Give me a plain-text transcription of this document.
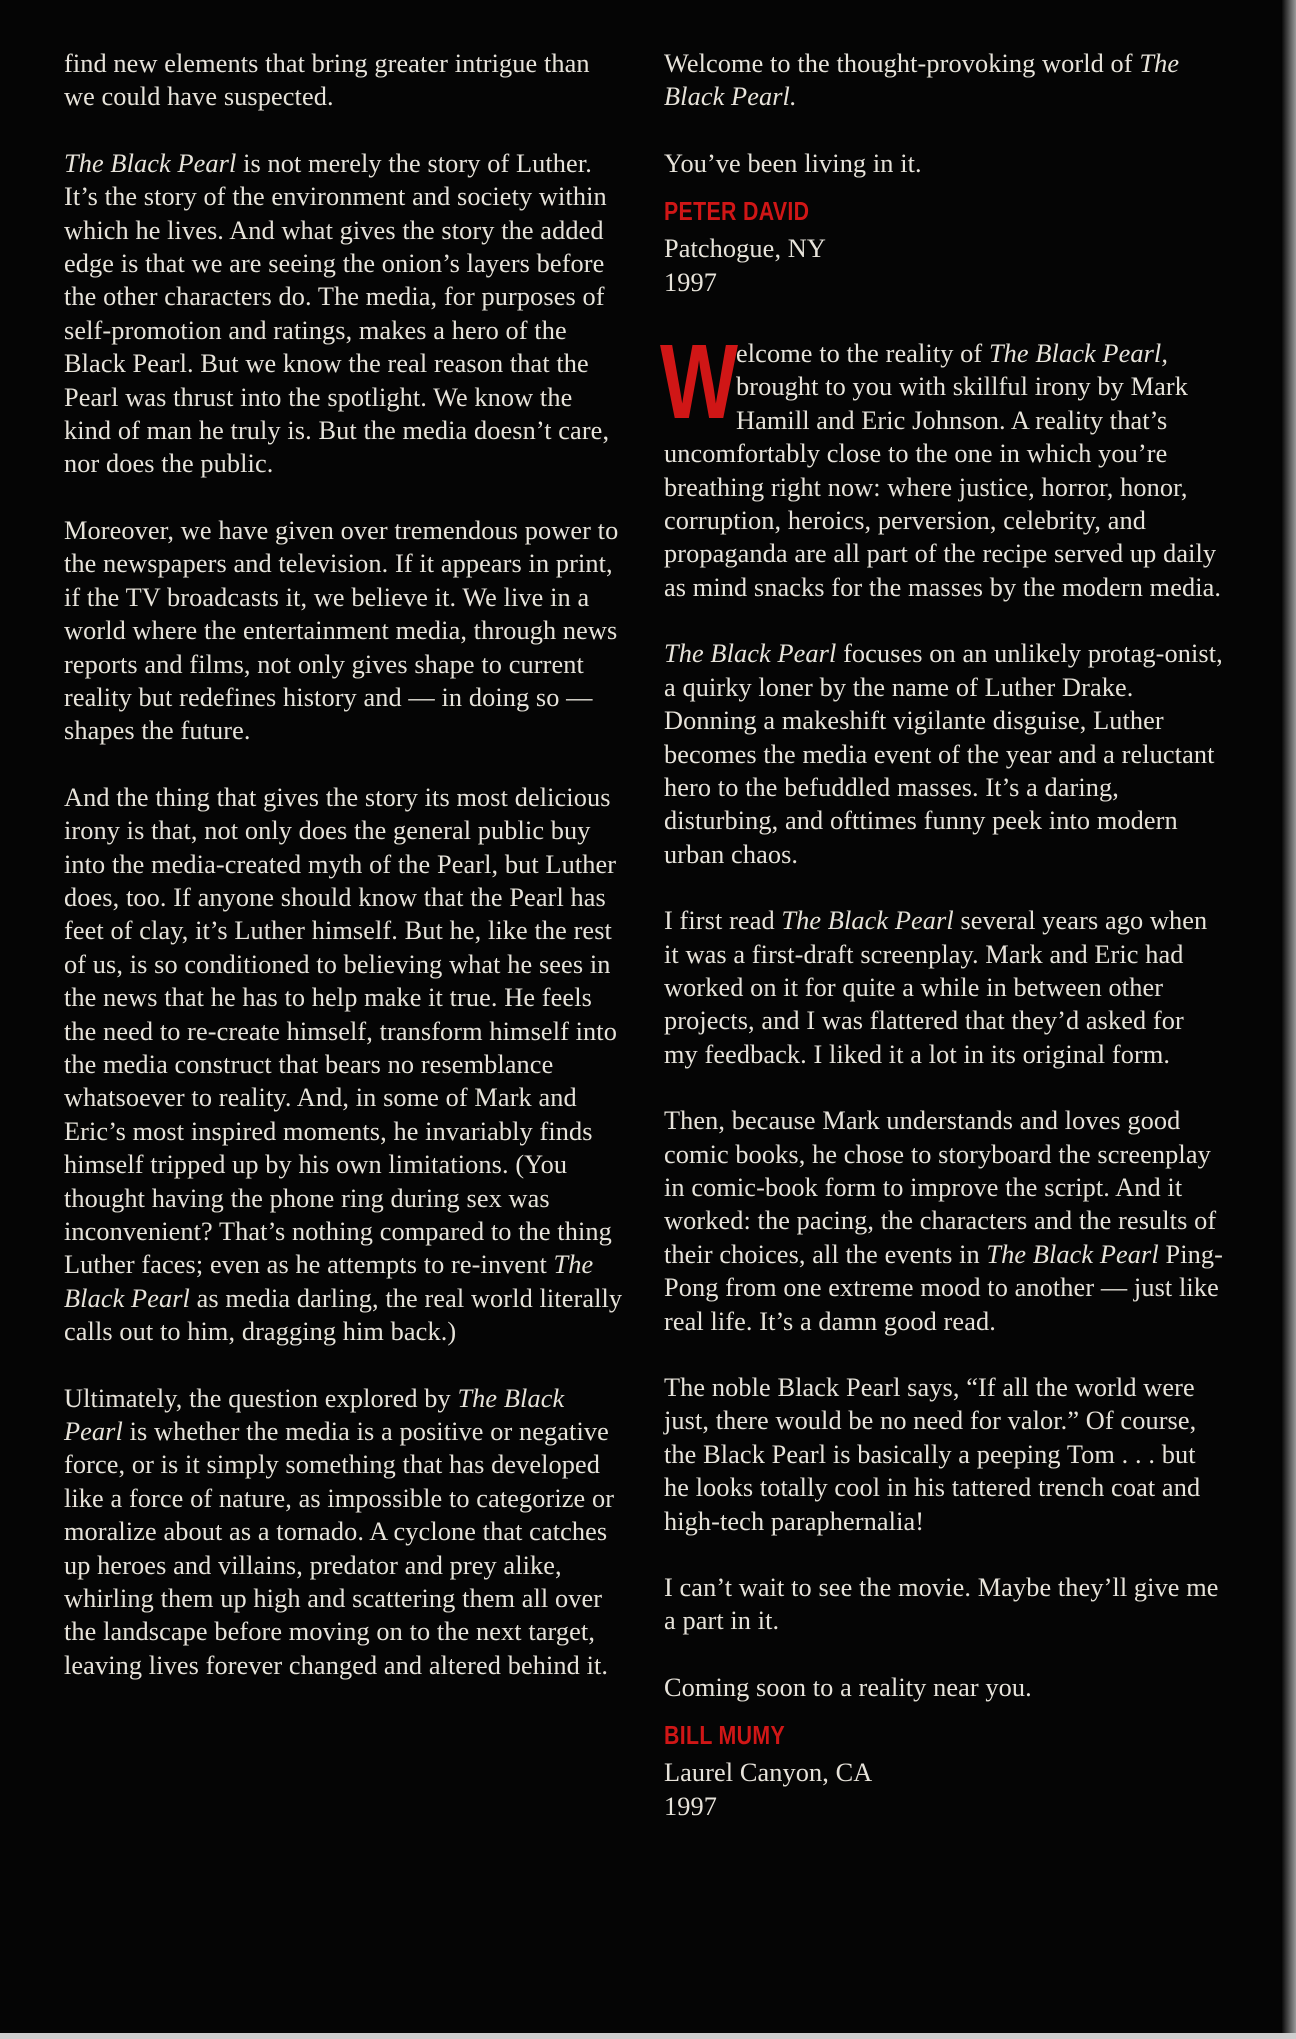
find new elements that bring greater intrigue than we could have suspected.

The Black Pearl is not merely the story of Luther. It’s the story of the environment and society within which he lives. And what gives the story the added edge is that we are seeing the onion’s layers before the other characters do. The media, for purposes of self-promotion and ratings, makes a hero of the Black Pearl. But we know the real reason that the Pearl was thrust into the spotlight. We know the kind of man he truly is. But the media doesn’t care, nor does the public.

Moreover, we have given over tremendous power to the newspapers and television. If it appears in print, if the TV broadcasts it, we believe it. We live in a world where the entertainment media, through news reports and films, not only gives shape to current reality but redefines history and — in doing so — shapes the future.

And the thing that gives the story its most delicious irony is that, not only does the general public buy into the media-created myth of the Pearl, but Luther does, too. If anyone should know that the Pearl has feet of clay, it’s Luther himself. But he, like the rest of us, is so conditioned to believing what he sees in the news that he has to help make it true. He feels the need to re-create himself, transform himself into the media construct that bears no resemblance whatsoever to reality. And, in some of Mark and Eric’s most inspired moments, he invariably finds himself tripped up by his own limitations. (You thought having the phone ring during sex was inconvenient? That’s nothing compared to the thing Luther faces; even as he attempts to re-invent The Black Pearl as media darling, the real world literally calls out to him, dragging him back.)

Ultimately, the question explored by The Black Pearl is whether the media is a positive or negative force, or is it simply something that has developed like a force of nature, as impossible to categorize or moralize about as a tornado. A cyclone that catches up heroes and villains, predator and prey alike, whirling them up high and scattering them all over the landscape before moving on to the next target, leaving lives forever changed and altered behind it.

Welcome to the thought-provoking world of The Black Pearl.

You’ve been living in it.

PETER DAVID
Patchogue, NY
1997

W
elcome to the reality of The Black Pearl, brought to you with skillful irony by Mark Hamill and Eric Johnson. A reality that’s uncomfortably close to the one in which you’re breathing right now: where justice, horror, honor, corruption, heroics, perversion, celebrity, and propaganda are all part of the recipe served up daily as mind snacks for the masses by the modern media.

The Black Pearl focuses on an unlikely protag-onist, a quirky loner by the name of Luther Drake. Donning a makeshift vigilante disguise, Luther becomes the media event of the year and a reluctant hero to the befuddled masses. It’s a daring, disturbing, and ofttimes funny peek into modern urban chaos.

I first read The Black Pearl several years ago when it was a first-draft screenplay. Mark and Eric had worked on it for quite a while in between other projects, and I was flattered that they’d asked for my feedback. I liked it a lot in its original form.

Then, because Mark understands and loves good comic books, he chose to storyboard the screenplay in comic-book form to improve the script. And it worked: the pacing, the characters and the results of their choices, all the events in The Black Pearl Ping-Pong from one extreme mood to another — just like real life. It’s a damn good read.

The noble Black Pearl says, “If all the world were just, there would be no need for valor.” Of course, the Black Pearl is basically a peeping Tom . . . but he looks totally cool in his tattered trench coat and high-tech paraphernalia!

I can’t wait to see the movie. Maybe they’ll give me a part in it.

Coming soon to a reality near you.

BILL MUMY
Laurel Canyon, CA
1997
